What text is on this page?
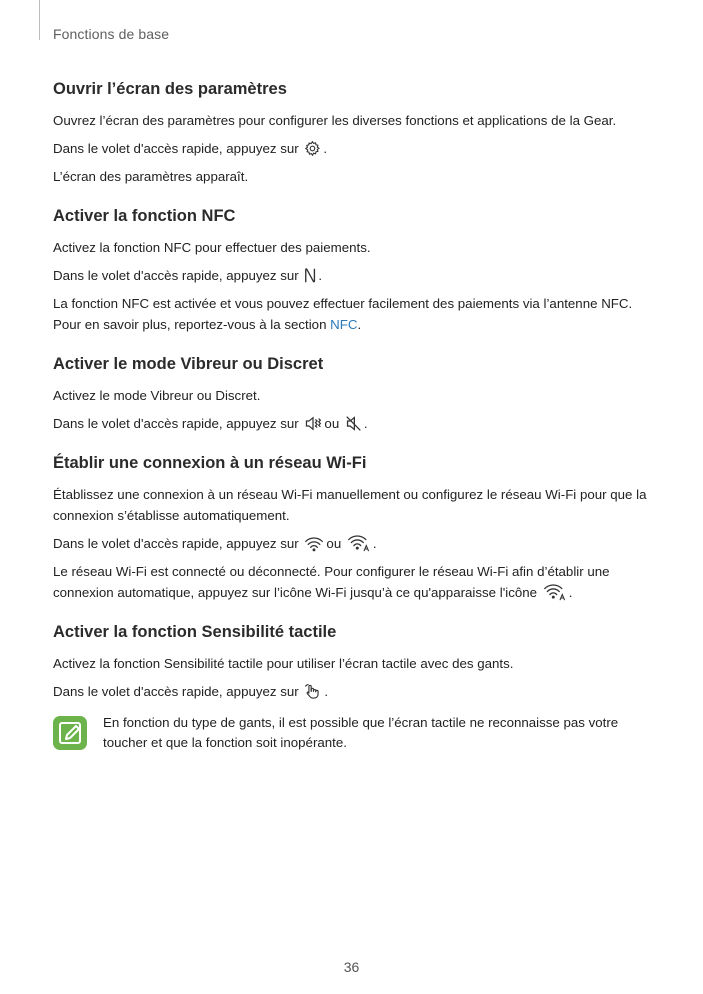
Fonctions de base
Ouvrir l’écran des paramètres

Ouvrez l’écran des paramètres pour configurer les diverses fonctions et applications de la Gear.

Dans le volet d'accès rapide, appuyez sur .

L’écran des paramètres apparaît.

Activer la fonction NFC

Activez la fonction NFC pour effectuer des paiements.

Dans le volet d'accès rapide, appuyez sur .

La fonction NFC est activée et vous pouvez effectuer facilement des paiements via l’antenne NFC. Pour en savoir plus, reportez-vous à la section NFC.

Activer le mode Vibreur ou Discret

Activez le mode Vibreur ou Discret.

Dans le volet d'accès rapide, appuyez sur ou .

Établir une connexion à un réseau Wi-Fi

Établissez une connexion à un réseau Wi-Fi manuellement ou configurez le réseau Wi-Fi pour que la connexion s’établisse automatiquement.

Dans le volet d'accès rapide, appuyez sur ou .

Le réseau Wi-Fi est connecté ou déconnecté. Pour configurer le réseau Wi-Fi afin d’établir une connexion automatique, appuyez sur l’icône Wi-Fi jusqu’à ce qu'apparaisse l'icône .

Activer la fonction Sensibilité tactile

Activez la fonction Sensibilité tactile pour utiliser l’écran tactile avec des gants.

Dans le volet d'accès rapide, appuyez sur .

En fonction du type de gants, il est possible que l’écran tactile ne reconnaisse pas votre toucher et que la fonction soit inopérante.

36
